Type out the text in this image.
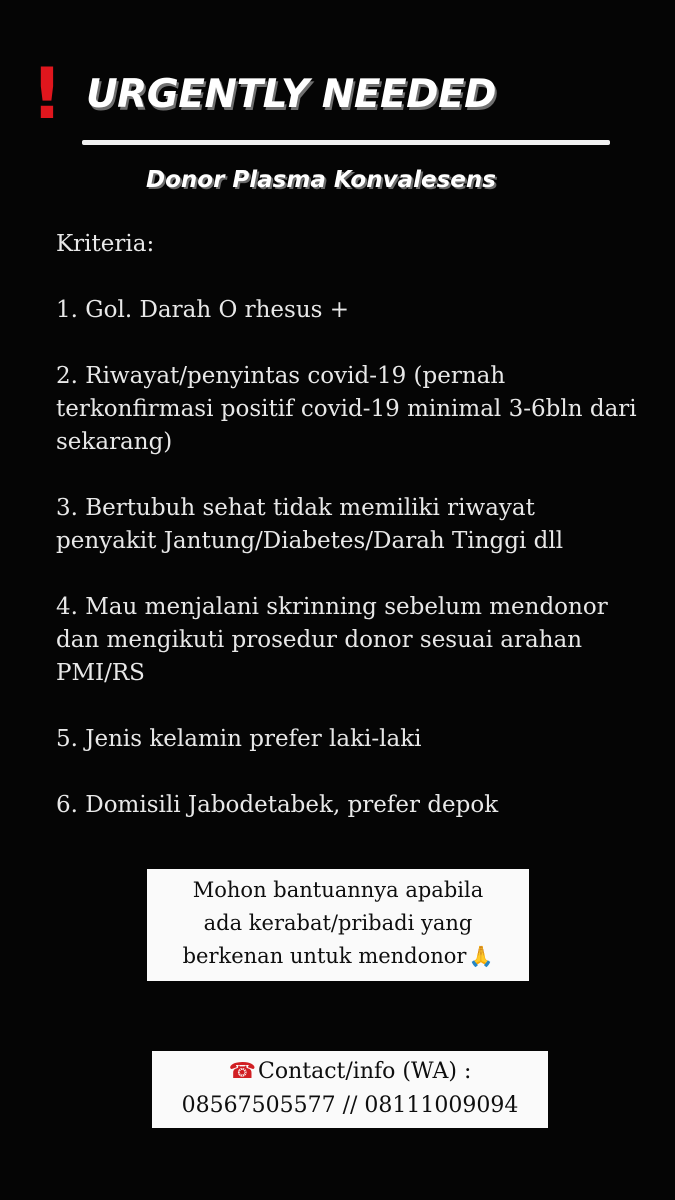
! URGENTLY NEEDED
Donor Plasma Konvalesens

Kriteria:

1. Gol. Darah O rhesus +
2. Riwayat/penyintas covid-19 (pernah terkonfirmasi positif covid-19 minimal 3-6bln dari sekarang)
3. Bertubuh sehat tidak memiliki riwayat penyakit Jantung/Diabetes/Darah Tinggi dll
4. Mau menjalani skrinning sebelum mendonor dan mengikuti prosedur donor sesuai arahan PMI/RS
5. Jenis kelamin prefer laki-laki
6. Domisili Jabodetabek, prefer depok
Mohon bantuannya apabila
ada kerabat/pribadi yang
berkenan untuk mendonor 🙏
☎Contact/info (WA) :
08567505577 // 08111009094
